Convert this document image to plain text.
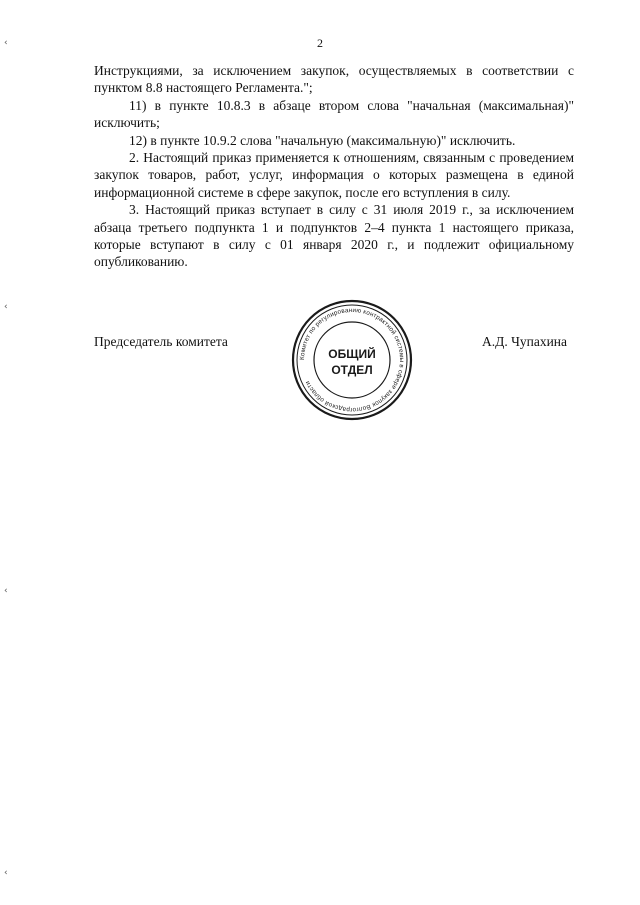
2

Инструкциями, за исключением закупок, осуществляемых в соответствии с пунктом 8.8 настоящего Регламента.";

11) в пункте 10.8.3 в абзаце втором слова "начальная (максимальная)" исключить;

12) в пункте 10.9.2 слова "начальную (максимальную)" исключить.

2. Настоящий приказ применяется к отношениям, связанным с проведением закупок товаров, работ, услуг, информация о которых размещена в единой информационной системе в сфере закупок, после его вступления в силу.

3. Настоящий приказ вступает в силу с 31 июля 2019 г., за исключением абзаца третьего подпункта 1 и подпунктов 2–4 пункта 1 настоящего приказа, которые вступают в силу с 01 января 2020 г., и подлежит официальному опубликованию.

Председатель комитета	А.Д. Чупахина
Комитет по регулированию контрактной системы в сфере закупок Волгоградской области
ОБЩИЙ
ОТДЕЛ
‹
‹
‹
‹
